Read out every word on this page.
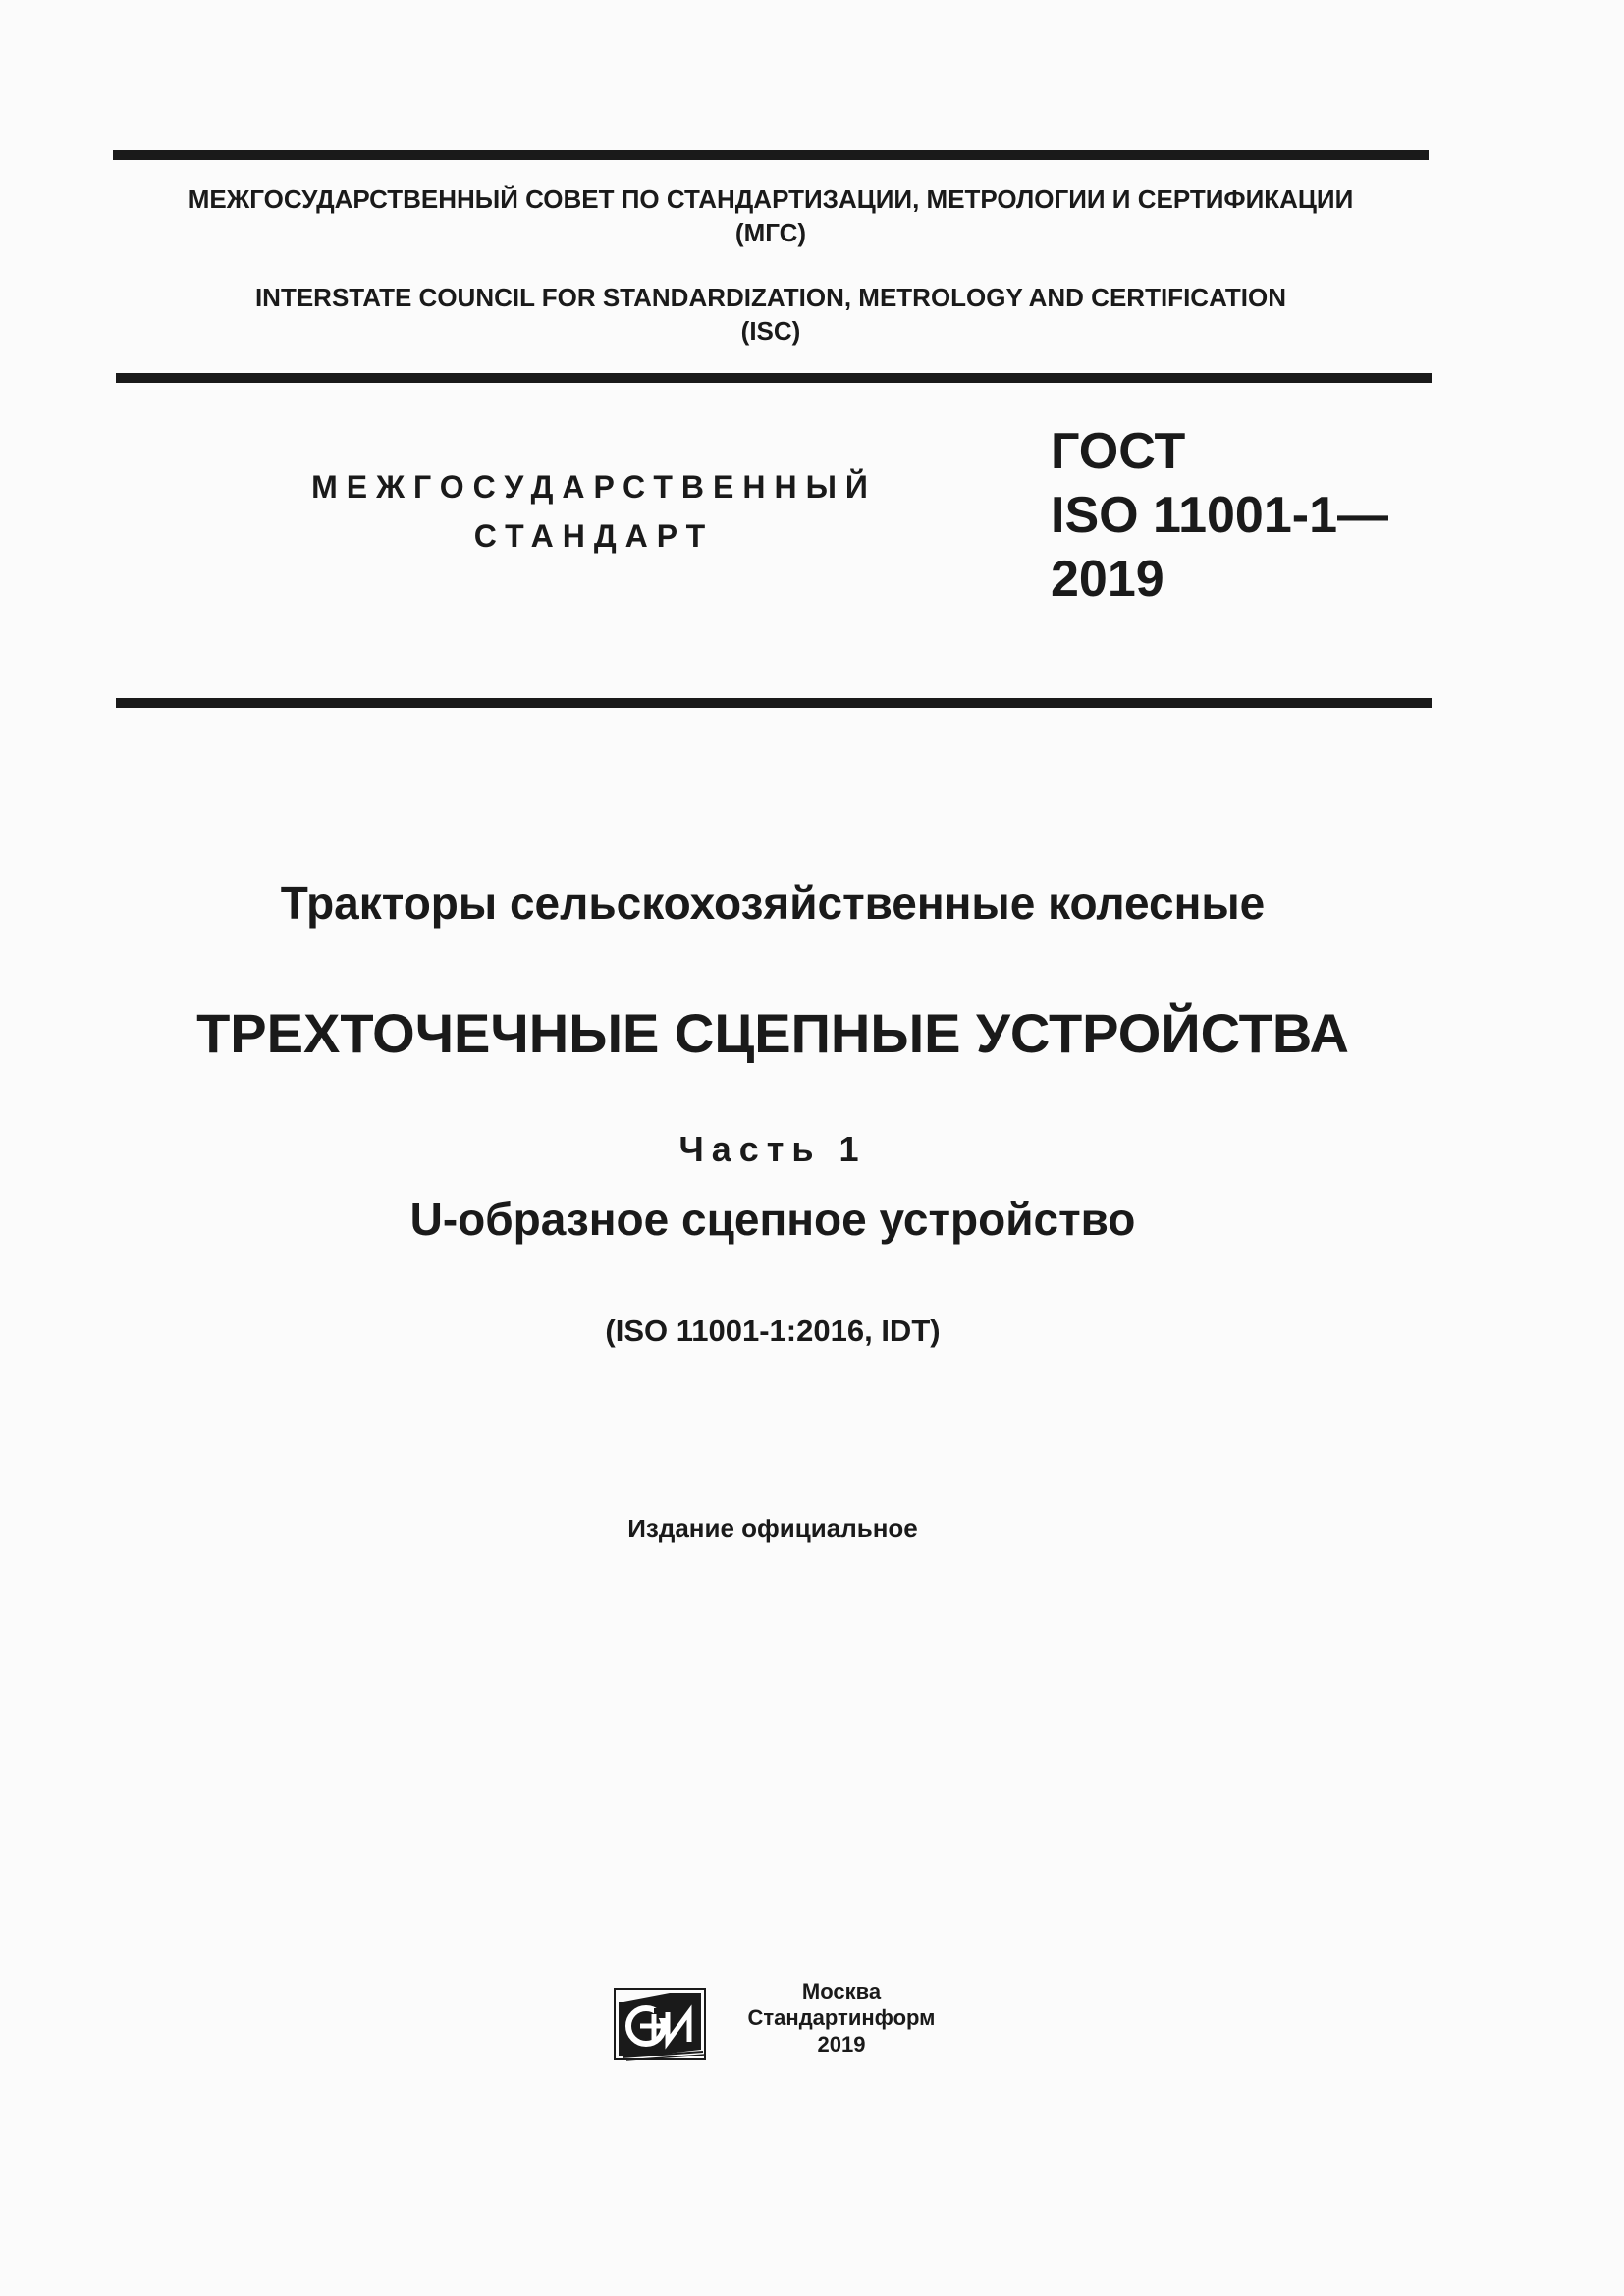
МЕЖГОСУДАРСТВЕННЫЙ СОВЕТ ПО СТАНДАРТИЗАЦИИ, МЕТРОЛОГИИ И СЕРТИФИКАЦИИ
(МГС)
INTERSTATE COUNCIL FOR STANDARDIZATION, METROLOGY AND CERTIFICATION
(ISC)
МЕЖГОСУДАРСТВЕННЫЙ
СТАНДАРТ
ГОСТ
ISO 11001-1—
2019
Тракторы сельскохозяйственные колесные
ТРЕХТОЧЕЧНЫЕ СЦЕПНЫЕ УСТРОЙСТВА
Часть 1
U-образное сцепное устройство
(ISO 11001-1:2016, IDT)
Издание официальное
Москва
Стандартинформ
2019
